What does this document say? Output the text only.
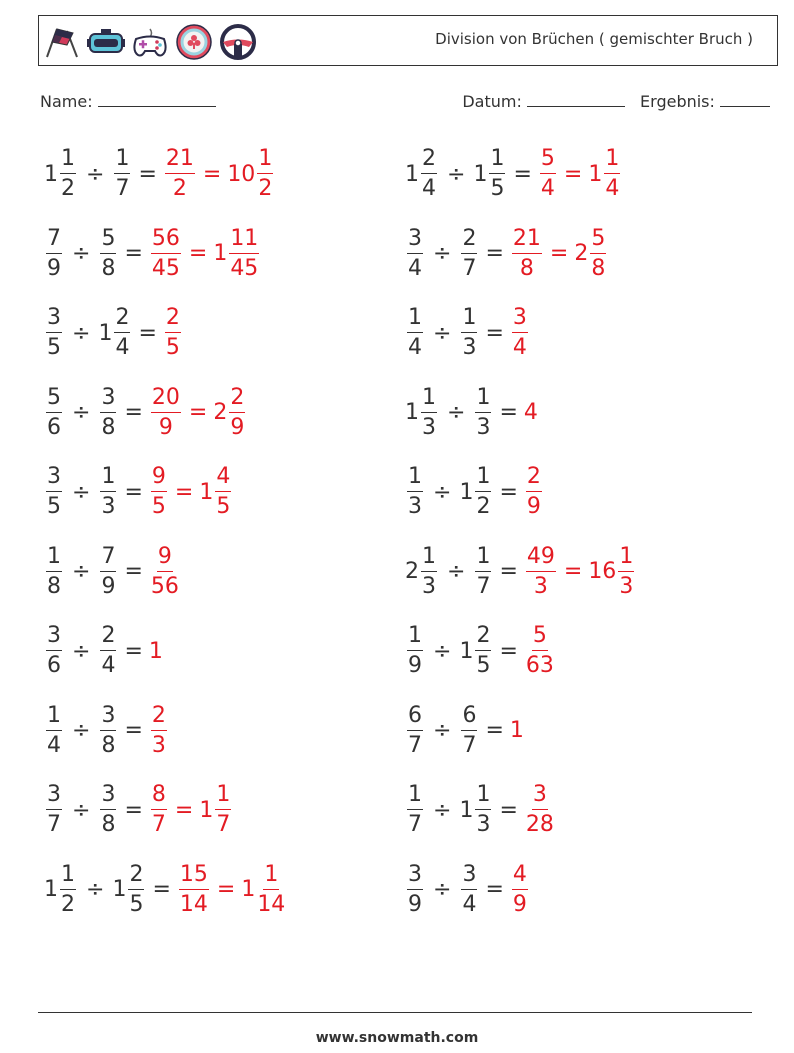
Division von Brüchen ( gemischter Bruch )
Name:	Datum:	Ergebnis:
$1 \frac{1}{2} \div \frac{1}{7} = \frac{21}{2} = 10 \frac{1}{2}$
$\frac{7}{9} \div \frac{5}{8} = \frac{56}{45} = 1 \frac{11}{45}$
$\frac{3}{5} \div 1 \frac{2}{4} = \frac{2}{5}$
$\frac{5}{6} \div \frac{3}{8} = \frac{20}{9} = 2 \frac{2}{9}$
$\frac{3}{5} \div \frac{1}{3} = \frac{9}{5} = 1 \frac{4}{5}$
$\frac{1}{8} \div \frac{7}{9} = \frac{9}{56}$
$\frac{3}{6} \div \frac{2}{4} = 1$
$\frac{1}{4} \div \frac{3}{8} = \frac{2}{3}$
$\frac{3}{7} \div \frac{3}{8} = \frac{8}{7} = 1 \frac{1}{7}$
$1 \frac{1}{2} \div 1 \frac{2}{5} = \frac{15}{14} = 1 \frac{1}{14}$
$1 \frac{2}{4} \div 1 \frac{1}{5} = \frac{5}{4} = 1 \frac{1}{4}$
$\frac{3}{4} \div \frac{2}{7} = \frac{21}{8} = 2 \frac{5}{8}$
$\frac{1}{4} \div \frac{1}{3} = \frac{3}{4}$
$1 \frac{1}{3} \div \frac{1}{3} = 4$
$\frac{1}{3} \div 1 \frac{1}{2} = \frac{2}{9}$
$2 \frac{1}{3} \div \frac{1}{7} = \frac{49}{3} = 16 \frac{1}{3}$
$\frac{1}{9} \div 1 \frac{2}{5} = \frac{5}{63}$
$\frac{6}{7} \div \frac{6}{7} = 1$
$\frac{1}{7} \div 1 \frac{1}{3} = \frac{3}{28}$
$\frac{3}{9} \div \frac{3}{4} = \frac{4}{9}$
www.snowmath.com
